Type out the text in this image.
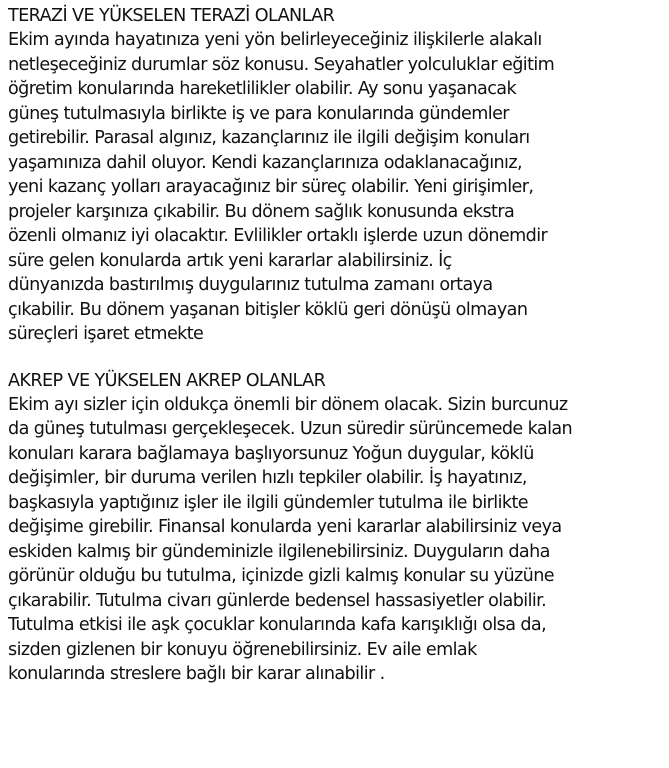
TERAZİ VE YÜKSELEN TERAZİ OLANLAR

Ekim ayında hayatınıza yeni yön belirleyeceğiniz ilişkilerle alakalı

netleşeceğiniz durumlar söz konusu. Seyahatler yolculuklar eğitim

öğretim konularında hareketlilikler olabilir. Ay sonu yaşanacak

güneş tutulmasıyla birlikte iş ve para konularında gündemler

getirebilir. Parasal algınız, kazançlarınız ile ilgili değişim konuları

yaşamınıza dahil oluyor. Kendi kazançlarınıza odaklanacağınız,

yeni kazanç yolları arayacağınız bir süreç olabilir. Yeni girişimler,

projeler karşınıza çıkabilir. Bu dönem sağlık konusunda ekstra

özenli olmanız iyi olacaktır. Evlilikler ortaklı işlerde uzun dönemdir

süre gelen konularda artık yeni kararlar alabilirsiniz. İç

dünyanızda bastırılmış duygularınız tutulma zamanı ortaya

çıkabilir. Bu dönem yaşanan bitişler köklü geri dönüşü olmayan

süreçleri işaret etmekte

AKREP VE YÜKSELEN AKREP OLANLAR

Ekim ayı sizler için oldukça önemli bir dönem olacak. Sizin burcunuz

da güneş tutulması gerçekleşecek. Uzun süredir sürüncemede kalan

konuları karara bağlamaya başlıyorsunuz Yoğun duygular, köklü

değişimler, bir duruma verilen hızlı tepkiler olabilir. İş hayatınız,

başkasıyla yaptığınız işler ile ilgili gündemler tutulma ile birlikte

değişime girebilir. Finansal konularda yeni kararlar alabilirsiniz veya

eskiden kalmış bir gündeminizle ilgilenebilirsiniz. Duyguların daha

görünür olduğu bu tutulma, içinizde gizli kalmış konular su yüzüne

çıkarabilir. Tutulma civarı günlerde bedensel hassasiyetler olabilir.

Tutulma etkisi ile aşk çocuklar konularında kafa karışıklığı olsa da,

sizden gizlenen bir konuyu öğrenebilirsiniz. Ev aile emlak

konularında streslere bağlı bir karar alınabilir .
